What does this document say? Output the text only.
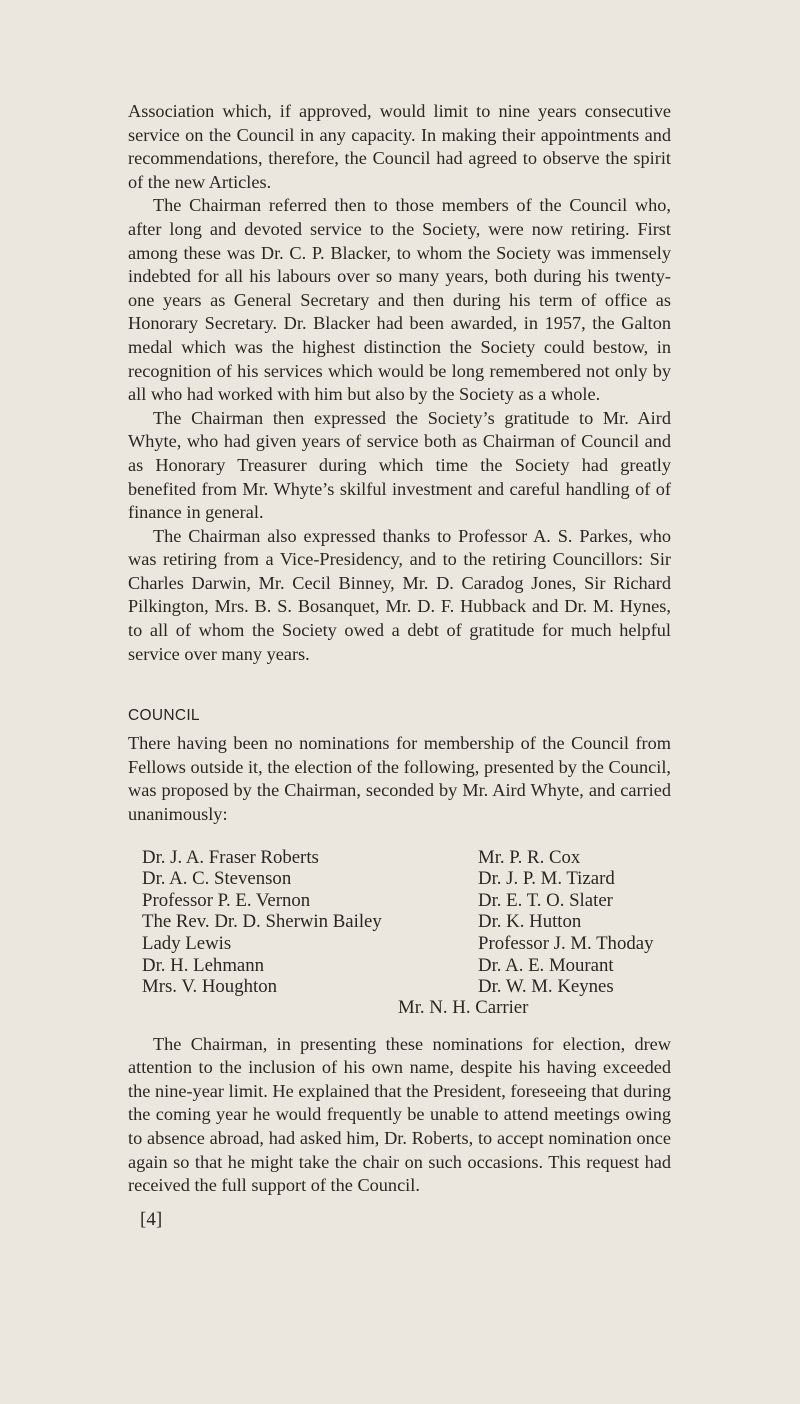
Association which, if approved, would limit to nine years consecutive service on the Council in any capacity. In making their appointments and recommendations, therefore, the Council had agreed to observe the spirit of the new Articles.

The Chairman referred then to those members of the Council who, after long and devoted service to the Society, were now retiring. First among these was Dr. C. P. Blacker, to whom the Society was immensely indebted for all his labours over so many years, both during his twenty-one years as General Secretary and then during his term of office as Honorary Secretary. Dr. Blacker had been awarded, in 1957, the Galton medal which was the highest distinction the Society could bestow, in recognition of his services which would be long remembered not only by all who had worked with him but also by the Society as a whole.

The Chairman then expressed the Society’s gratitude to Mr. Aird Whyte, who had given years of service both as Chairman of Council and as Honorary Treasurer during which time the Society had greatly benefited from Mr. Whyte’s skilful investment and careful handling of of finance in general.

The Chairman also expressed thanks to Professor A. S. Parkes, who was retiring from a Vice-Presidency, and to the retiring Councillors: Sir Charles Darwin, Mr. Cecil Binney, Mr. D. Caradog Jones, Sir Richard Pilkington, Mrs. B. S. Bosanquet, Mr. D. F. Hubback and Dr. M. Hynes, to all of whom the Society owed a debt of gratitude for much helpful service over many years.

COUNCIL

There having been no nominations for membership of the Council from Fellows outside it, the election of the following, presented by the Council, was proposed by the Chairman, seconded by Mr. Aird Whyte, and carried unanimously:

Dr. J. A. Fraser Roberts
Dr. A. C. Stevenson
Professor P. E. Vernon
The Rev. Dr. D. Sherwin Bailey
Lady Lewis
Dr. H. Lehmann
Mrs. V. Houghton
Mr. P. R. Cox
Dr. J. P. M. Tizard
Dr. E. T. O. Slater
Dr. K. Hutton
Professor J. M. Thoday
Dr. A. E. Mourant
Dr. W. M. Keynes
Mr. N. H. Carrier

The Chairman, in presenting these nominations for election, drew attention to the inclusion of his own name, despite his having exceeded the nine-year limit. He explained that the President, foreseeing that during the coming year he would frequently be unable to attend meetings owing to absence abroad, had asked him, Dr. Roberts, to accept nomination once again so that he might take the chair on such occasions. This request had received the full support of the Council.

[4]
